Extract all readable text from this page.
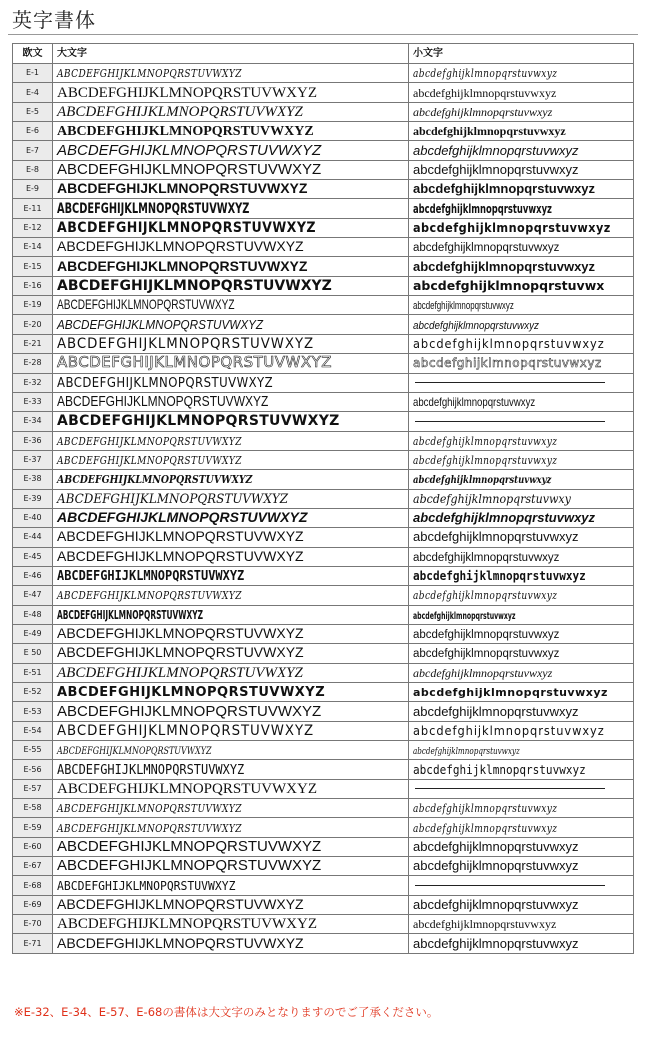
英字書体
欧文	大文字	小文字
E-1	ABCDEFGHIJKLMNOPQRSTUVWXYZ	abcdefghijklmnopqrstuvwxyz
E-4	ABCDEFGHIJKLMNOPQRSTUVWXYZ	abcdefghijklmnopqrstuvwxyz
E-5	ABCDEFGHIJKLMNOPQRSTUVWXYZ	abcdefghijklmnopqrstuvwxyz
E-6	ABCDEFGHIJKLMNOPQRSTUVWXYZ	abcdefghijklmnopqrstuvwxyz
E-7	ABCDEFGHIJKLMNOPQRSTUVWXYZ	abcdefghijklmnopqrstuvwxyz
E-8	ABCDEFGHIJKLMNOPQRSTUVWXYZ	abcdefghijklmnopqrstuvwxyz
E-9	ABCDEFGHIJKLMNOPQRSTUVWXYZ	abcdefghijklmnopqrstuvwxyz
E-11	ABCDEFGHIJKLMNOPQRSTUVWXYZ	abcdefghijklmnopqrstuvwxyz
E-12	ABCDEFGHIJKLMNOPQRSTUVWXYZ	abcdefghijklmnopqrstuvwxyz
E-14	ABCDEFGHIJKLMNOPQRSTUVWXYZ	abcdefghijklmnopqrstuvwxyz
E-15	ABCDEFGHIJKLMNOPQRSTUVWXYZ	abcdefghijklmnopqrstuvwxyz
E-16	ABCDEFGHIJKLMNOPQRSTUVWXYZ	abcdefghijklmnopqrstuvwx
E-19	ABCDEFGHIJKLMNOPQRSTUVWXYZ	abcdefghijklmnopqrstuvwxyz
E-20	ABCDEFGHIJKLMNOPQRSTUVWXYZ	abcdefghijklmnopqrstuvwxyz
E-21	ABCDEFGHIJKLMNOPQRSTUVWXYZ	abcdefghijklmnopqrstuvwxyz
E-28	ABCDEFGHIJKLMNOPQRSTUVWXYZ	abcdefghijklmnopqrstuvwxyz
E-32	ABCDEFGHIJKLMNOPQRSTUVWXYZ	

E-33	ABCDEFGHIJKLMNOPQRSTUVWXYZ	abcdefghijklmnopqrstuvwxyz
E-34	ABCDEFGHIJKLMNOPQRSTUVWXYZ	

E-36	ABCDEFGHIJKLMNOPQRSTUVWXYZ	abcdefghijklmnopqrstuvwxyz
E-37	ABCDEFGHIJKLMNOPQRSTUVWXYZ	abcdefghijklmnopqrstuvwxyz
E-38	ABCDEFGHIJKLMNOPQRSTUVWXYZ	abcdefghijklmnopqrstuvwxyz
E-39	ABCDEFGHIJKLMNOPQRSTUVWXYZ	abcdefghijklmnopqrstuvwxy
E-40	ABCDEFGHIJKLMNOPQRSTUVWXYZ	abcdefghijklmnopqrstuvwxyz
E-44	ABCDEFGHIJKLMNOPQRSTUVWXYZ	abcdefghijklmnopqrstuvwxyz
E-45	ABCDEFGHIJKLMNOPQRSTUVWXYZ	abcdefghijklmnopqrstuvwxyz
E-46	ABCDEFGHIJKLMNOPQRSTUVWXYZ	abcdefghijklmnopqrstuvwxyz
E-47	ABCDEFGHIJKLMNOPQRSTUVWXYZ	abcdefghijklmnopqrstuvwxyz
E-48	ABCDEFGHIJKLMNOPQRSTUVWXYZ	abcdefghijklmnopqrstuvwxyz
E-49	ABCDEFGHIJKLMNOPQRSTUVWXYZ	abcdefghijklmnopqrstuvwxyz
E 50	ABCDEFGHIJKLMNOPQRSTUVWXYZ	abcdefghijklmnopqrstuvwxyz
E-51	ABCDEFGHIJKLMNOPQRSTUVWXYZ	abcdefghijklmnopqrstuvwxyz
E-52	ABCDEFGHIJKLMNOPQRSTUVWXYZ	abcdefghijklmnopqrstuvwxyz
E-53	ABCDEFGHIJKLMNOPQRSTUVWXYZ	abcdefghijklmnopqrstuvwxyz
E-54	ABCDEFGHIJKLMNOPQRSTUVWXYZ	abcdefghijklmnopqrstuvwxyz
E-55	ABCDEFGHIJKLMNOPQRSTUVWXYZ	abcdefghijklmnopqrstuvwxyz
E-56	ABCDEFGHIJKLMNOPQRSTUVWXYZ	abcdefghijklmnopqrstuvwxyz
E-57	ABCDEFGHIJKLMNOPQRSTUVWXYZ	

E-58	ABCDEFGHIJKLMNOPQRSTUVWXYZ	abcdefghijklmnopqrstuvwxyz
E-59	ABCDEFGHIJKLMNOPQRSTUVWXYZ	abcdefghijklmnopqrstuvwxyz
E-60	ABCDEFGHIJKLMNOPQRSTUVWXYZ	abcdefghijklmnopqrstuvwxyz
E-67	ABCDEFGHIJKLMNOPQRSTUVWXYZ	abcdefghijklmnopqrstuvwxyz
E-68	ABCDEFGHIJKLMNOPQRSTUVWXYZ	

E-69	ABCDEFGHIJKLMNOPQRSTUVWXYZ	abcdefghijklmnopqrstuvwxyz
E-70	ABCDEFGHIJKLMNOPQRSTUVWXYZ	abcdefghijklmnopqrstuvwxyz
E-71	ABCDEFGHIJKLMNOPQRSTUVWXYZ	abcdefghijklmnopqrstuvwxyz
※E-32、E-34、E-57、E-68の書体は大文字のみとなりますのでご了承ください。
